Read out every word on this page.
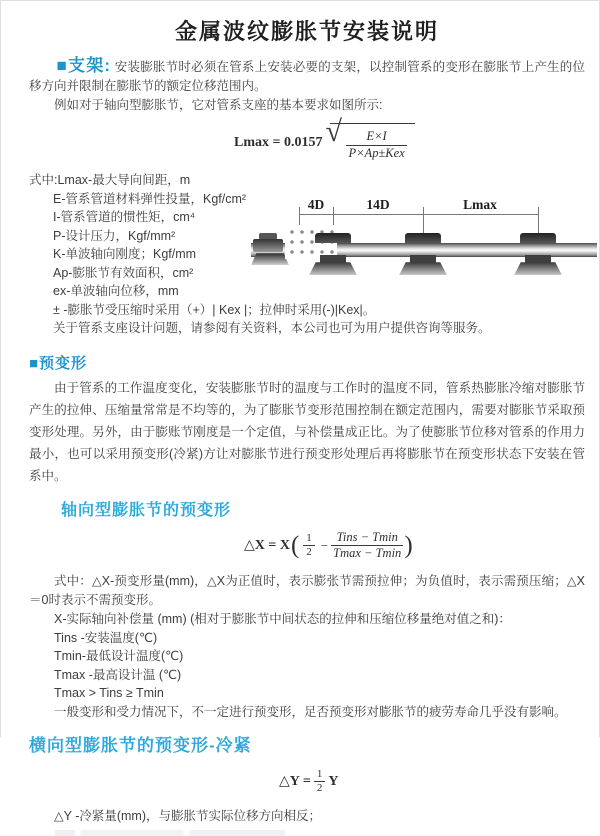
金属波纹膨胀节安装说明

■支架: 安装膨胀节时必须在管系上安装必要的支架，以控制管系的变形在膨胀节上产生的位移方向并限制在膨胀节的额定位移范围内。

例如对于轴向型膨胀节，它对管系支座的基本要求如图所示:

Lmax = 0.0157 √ $\frac{E\times I}{\text{P×Ap±Kex}}$
4D	14D	Lmax
式中:Lmax-最大导向间距，m
E-管系管道材料弹性投量，Kgf/cm²
I-管系管道的惯性矩，cm⁴
P-设计压力，Kgf/mm²
K-单波轴向刚度；Kgf/mm
Ap-膨胀节有效面积，cm²
ex-单波轴向位移，mm
± -膨胀节受压缩时采用（+）| Kex |；拉伸时采用(-)|Kex|。
关于管系支座设计问题，请参阅有关资料，本公司也可为用户提供咨询等服务。
■预变形

由于管系的工作温度变化，安装膨胀节时的温度与工作时的温度不同，管系热膨胀冷缩对膨胀节产生的拉伸、压缩量常常是不均等的，为了膨胀节变形范围控制在额定范围内，需要对膨胀节采取预变形处理。另外，由于膨账节刚度是一个定值，与补偿量成正比。为了使膨胀节位移对管系的作用力最小，也可以采用预变形(冷紧)方让对膨胀节进行预变形处理后再将膨胀节在预变形状态下安装在管系中。

轴向型膨胀节的预变形
△X = X ( $\frac{1}{2} - \frac{\text{Tins − Tmin}}{Tmax - Tmin}$ )

式中：△X-预变形量(mm)，△X为正值时，表示膨张节需预拉伸；为负值时，表示需预压缩；△X＝0时表示不需预变形。

X-实际轴向补偿量 (mm) (相对于膨胀节中间状态的拉伸和压缩位移量绝对值之和)：
Tins -安装温度(℃)
Tmin-最低设计温度(℃)
Tmax -最高设计温 (℃)
Tmax > Tins ≥ Tmin
一般变形和受力情况下，不一定进行预变形，足否预变形对膨胀节的疲劳寿命几乎没有影响。
横向型膨胀节的预变形-冷紧
△Y = $\frac{1}{2}$ Y
△Y -冷紧量(mm)，与膨胀节实际位移方向相反；
